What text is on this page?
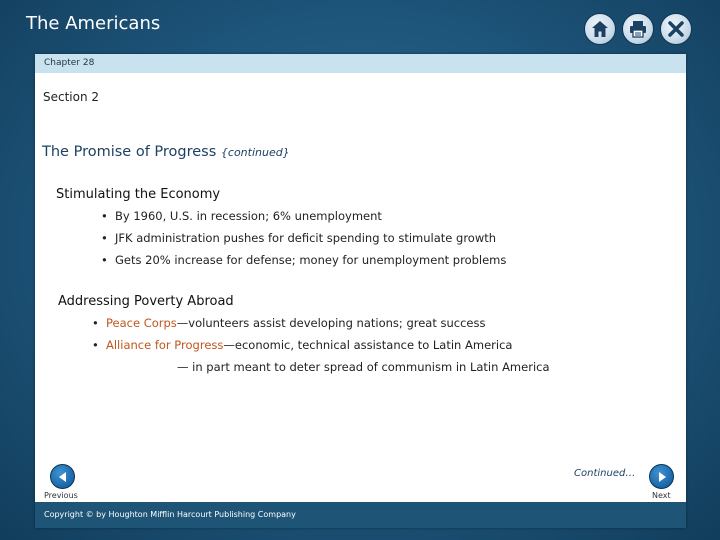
The Americans
Chapter 28
Section 2
The Promise of Progress {continued}
Stimulating the Economy
• By 1960, U.S. in recession; 6% unemployment
• JFK administration pushes for deficit spending to stimulate growth
• Gets 20% increase for defense; money for unemployment problems
Addressing Poverty Abroad
• Peace Corps—volunteers assist developing nations; great success
• Alliance for Progress—economic, technical assistance to Latin America
— in part meant to deter spread of communism in Latin America
Continued…
Previous	Next
Copyright © by Houghton Mifflin Harcourt Publishing Company
